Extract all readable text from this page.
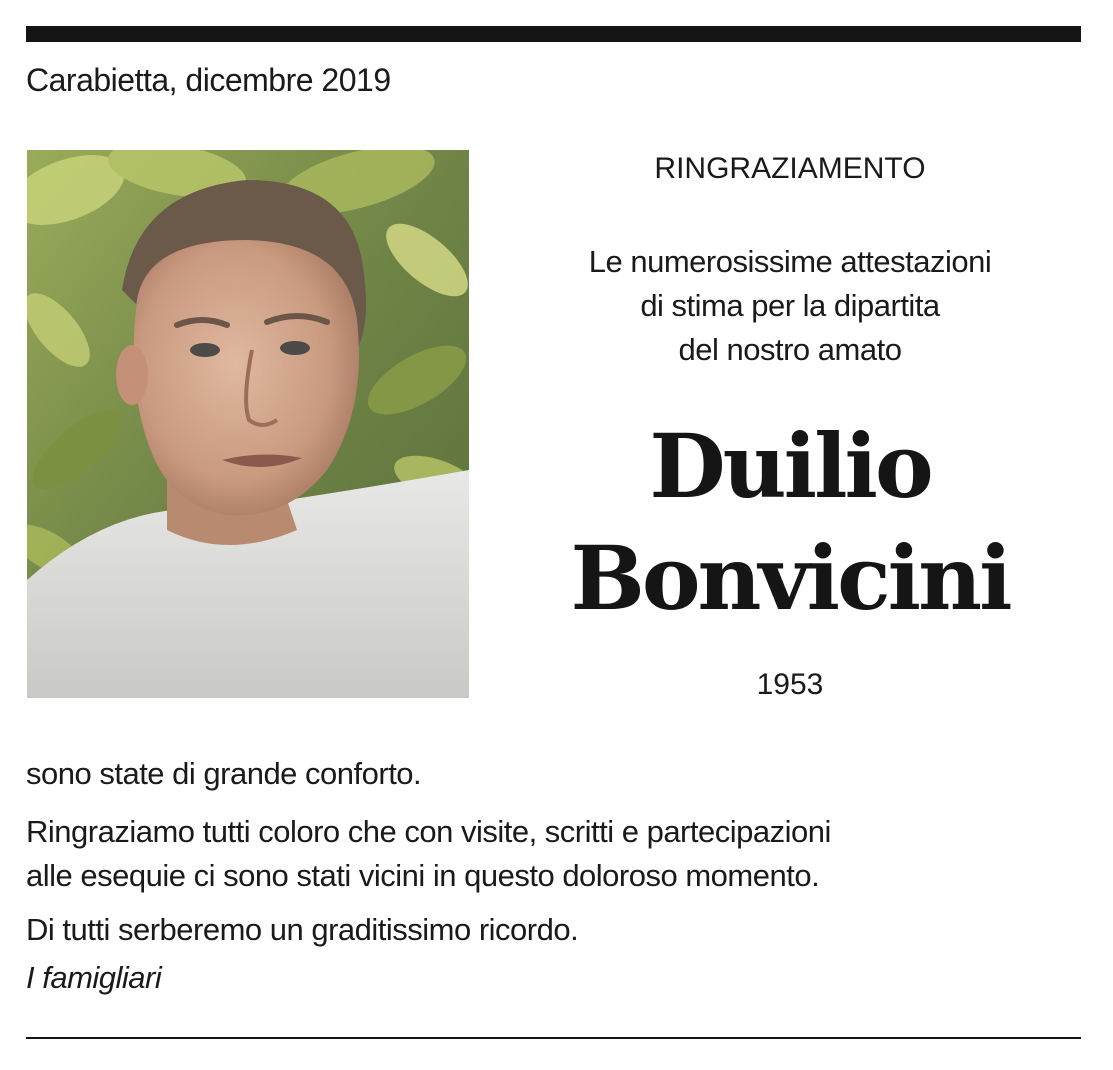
Carabietta, dicembre 2019
RINGRAZIAMENTO
Le numerosissime attestazioni
di stima per la dipartita
del nostro amato
Duilio
Bonvicini
1953
sono state di grande conforto.
Ringraziamo tutti coloro che con visite, scritti e partecipazioni
alle esequie ci sono stati vicini in questo doloroso momento.
Di tutti serberemo un graditissimo ricordo.
I famigliari
